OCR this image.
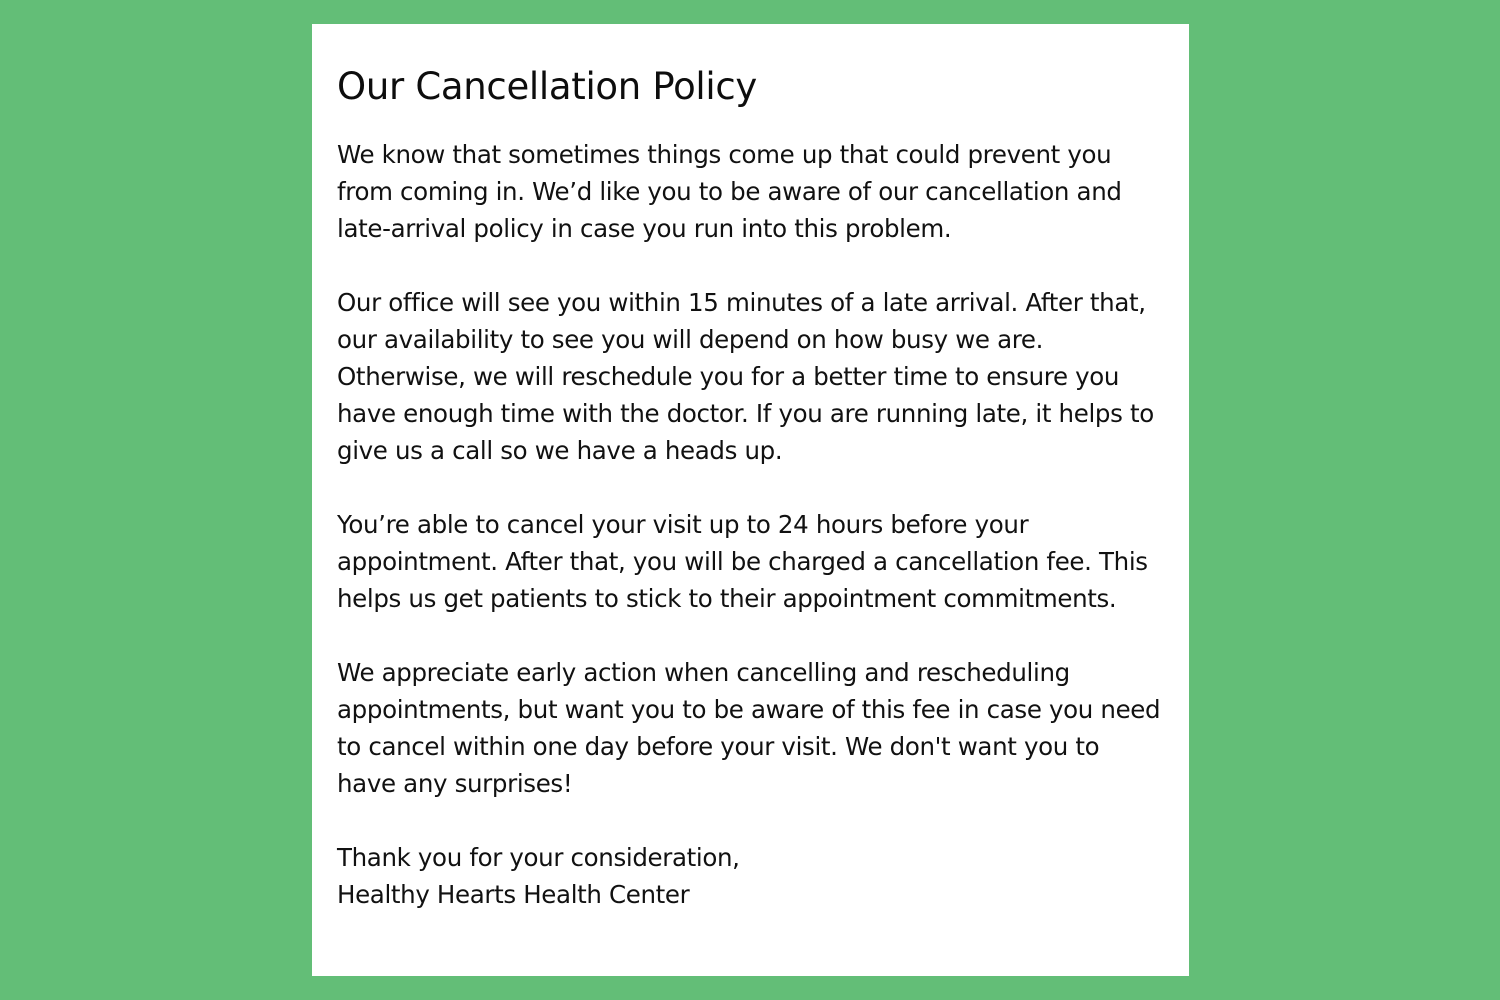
Our Cancellation Policy

We know that sometimes things come up that could prevent you from coming in. We’d like you to be aware of our cancellation and late-arrival policy in case you run into this problem.

Our office will see you within 15 minutes of a late arrival. After that, our availability to see you will depend on how busy we are. Otherwise, we will reschedule you for a better time to ensure you have enough time with the doctor. If you are running late, it helps to give us a call so we have a heads up.

You’re able to cancel your visit up to 24 hours before your appointment. After that, you will be charged a cancellation fee. This helps us get patients to stick to their appointment commitments.

We appreciate early action when cancelling and rescheduling appointments, but want you to be aware of this fee in case you need to cancel within one day before your visit. We don't want you to have any surprises!

Thank you for your consideration,
Healthy Hearts Health Center
